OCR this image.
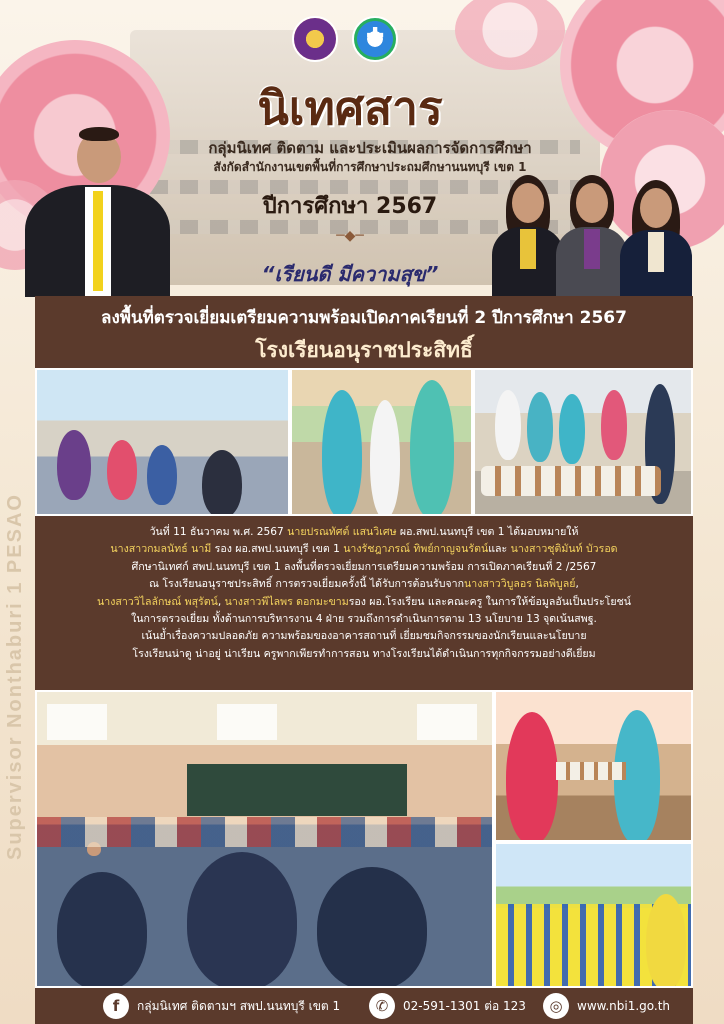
Supervisor Nonthaburi 1 PESAO
✚
นิเทศสาร
กลุ่มนิเทศ ติดตาม และประเมินผลการจัดการศึกษา
สังกัดสำนักงานเขตพื้นที่การศึกษาประถมศึกษานนทบุรี เขต 1
ปีการศึกษา 2567
─◆─
“เรียนดี มีความสุข”
ลงพื้นที่ตรวจเยี่ยมเตรียมความพร้อมเปิดภาคเรียนที่ 2 ปีการศึกษา 2567
โรงเรียนอนุราชประสิทธิ์

วันที่ 11 ธันวาคม พ.ศ. 2567 นายปรณทัศต์ แสนวิเศษ ผอ.สพป.นนทบุรี เขต 1 ได้มอบหมายให้

นางสาวกมลนัทธ์ นามี รอง ผอ.สพป.นนทบุรี เขต 1 นางรัชฎาภรณ์ ทิพย์กาญจนรัตน์และ นางสาวชุติมันท์ บัวรอด

ศึกษานิเทศก์ สพป.นนทบุรี เขต 1 ลงพื้นที่ตรวจเยี่ยมการเตรียมความพร้อม การเปิดภาคเรียนที่ 2 /2567

ณ โรงเรียนอนุราชประสิทธิ์ การตรวจเยี่ยมครั้งนี้ ได้รับการต้อนรับจากนางสาววิบูลอร นิลพิบูลย์,

นางสาววิไลลักษณ์ พสุรัตน์, นางสาวพีไลพร ดอกมะขามรอง ผอ.โรงเรียน และคณะครู ในการให้ข้อมูลอันเป็นประโยชน์

ในการตรวจเยี่ยม ทั้งด้านการบริหารงาน 4 ฝ่าย รวมถึงการดำเนินการตาม 13 นโยบาย 13 จุดเน้นสพฐ.

เน้นย้ำเรื่องความปลอดภัย ความพร้อมของอาคารสถานที่ เยี่ยมชมกิจกรรมของนักเรียนและนโยบาย

โรงเรียนน่าดู น่าอยู่ น่าเรียน ครูพากเพียรทำการสอน ทางโรงเรียนได้ดำเนินการทุกกิจกรรมอย่างดีเยี่ยม

f	กลุ่มนิเทศ ติดตามฯ สพป.นนทบุรี เขต 1	✆	02-591-1301 ต่อ 123	◎	www.nbi1.go.th
